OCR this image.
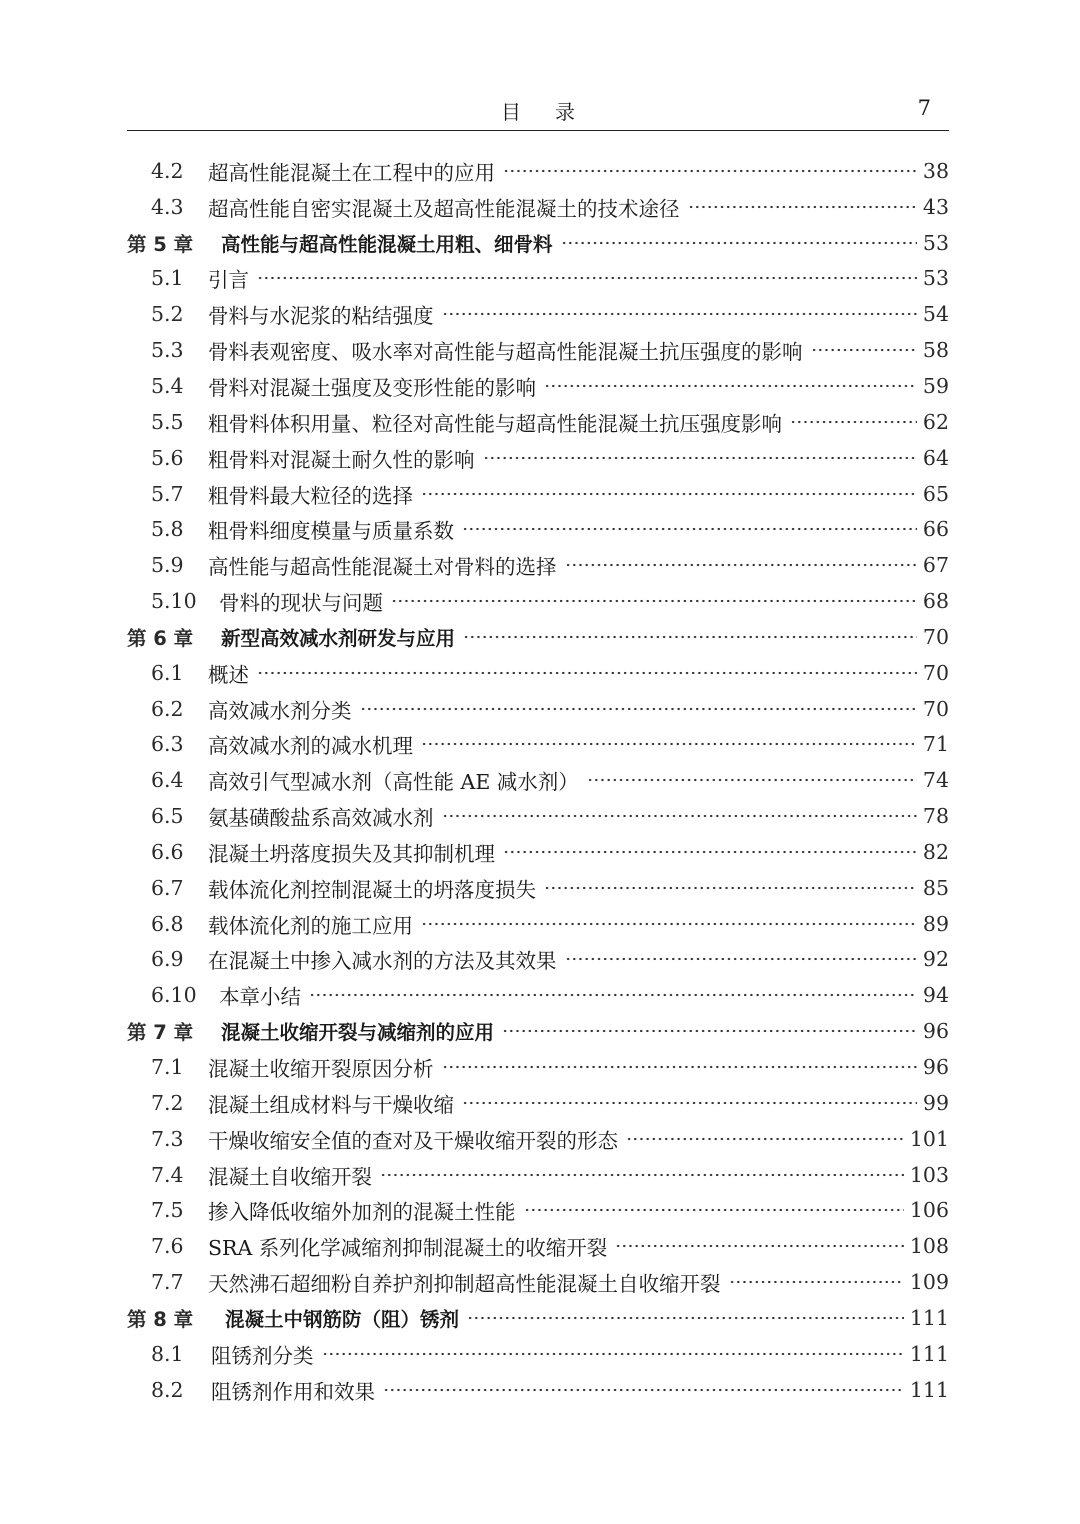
目录	7
4.2	超高性能混凝土在工程中的应用	38
4.3	超高性能自密实混凝土及超高性能混凝土的技术途径	43
第 5 章	高性能与超高性能混凝土用粗、细骨料	53
5.1	引言	53
5.2	骨料与水泥浆的粘结强度	54
5.3	骨料表观密度、吸水率对高性能与超高性能混凝土抗压强度的影响	58
5.4	骨料对混凝土强度及变形性能的影响	59
5.5	粗骨料体积用量、粒径对高性能与超高性能混凝土抗压强度影响	62
5.6	粗骨料对混凝土耐久性的影响	64
5.7	粗骨料最大粒径的选择	65
5.8	粗骨料细度模量与质量系数	66
5.9	高性能与超高性能混凝土对骨料的选择	67
5.10	骨料的现状与问题	68
第 6 章	新型高效减水剂研发与应用	70
6.1	概述	70
6.2	高效减水剂分类	70
6.3	高效减水剂的减水机理	71
6.4	高效引气型减水剂（高性能 AE 减水剂）	74
6.5	氨基磺酸盐系高效减水剂	78
6.6	混凝土坍落度损失及其抑制机理	82
6.7	载体流化剂控制混凝土的坍落度损失	85
6.8	载体流化剂的施工应用	89
6.9	在混凝土中掺入减水剂的方法及其效果	92
6.10	本章小结	94
第 7 章	混凝土收缩开裂与减缩剂的应用	96
7.1	混凝土收缩开裂原因分析	96
7.2	混凝土组成材料与干燥收缩	99
7.3	干燥收缩安全值的查对及干燥收缩开裂的形态	101
7.4	混凝土自收缩开裂	103
7.5	掺入降低收缩外加剂的混凝土性能	106
7.6	SRA 系列化学减缩剂抑制混凝土的收缩开裂	108
7.7	天然沸石超细粉自养护剂抑制超高性能混凝土自收缩开裂	109
第 8 章	混凝土中钢筋防（阻）锈剂	111
8.1	阻锈剂分类	111
8.2	阻锈剂作用和效果	111
